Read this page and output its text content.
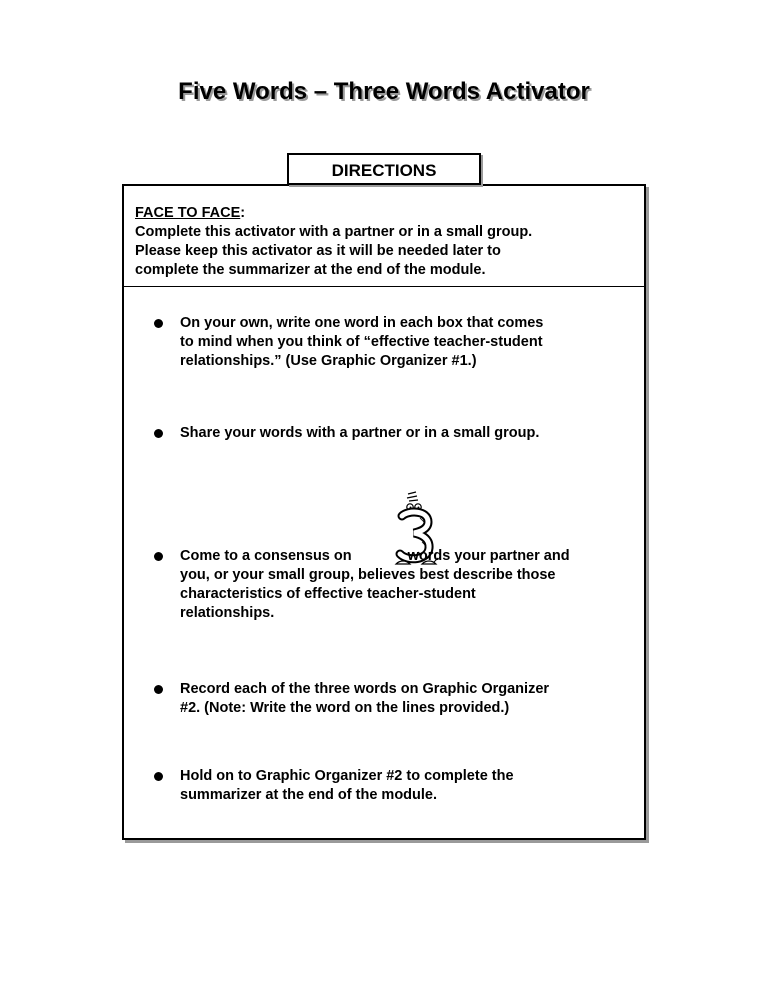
Five Words – Three Words Activator
DIRECTIONS
FACE TO FACE:
Complete this activator with a partner or in a small group.
Please keep this activator as it will be needed later to
complete the summarizer at the end of the module.
On your own, write one word in each box that comes
to mind when you think of “effective teacher-student
relationships.” (Use Graphic Organizer #1.)
Share your words with a partner or in a small group.
Come to a consensus on	words your partner and
you, or your small group, believes best describe those
characteristics of effective teacher-student
relationships.
Record each of the three words on Graphic Organizer
#2. (Note: Write the word on the lines provided.)
Hold on to Graphic Organizer #2 to complete the
summarizer at the end of the module.
